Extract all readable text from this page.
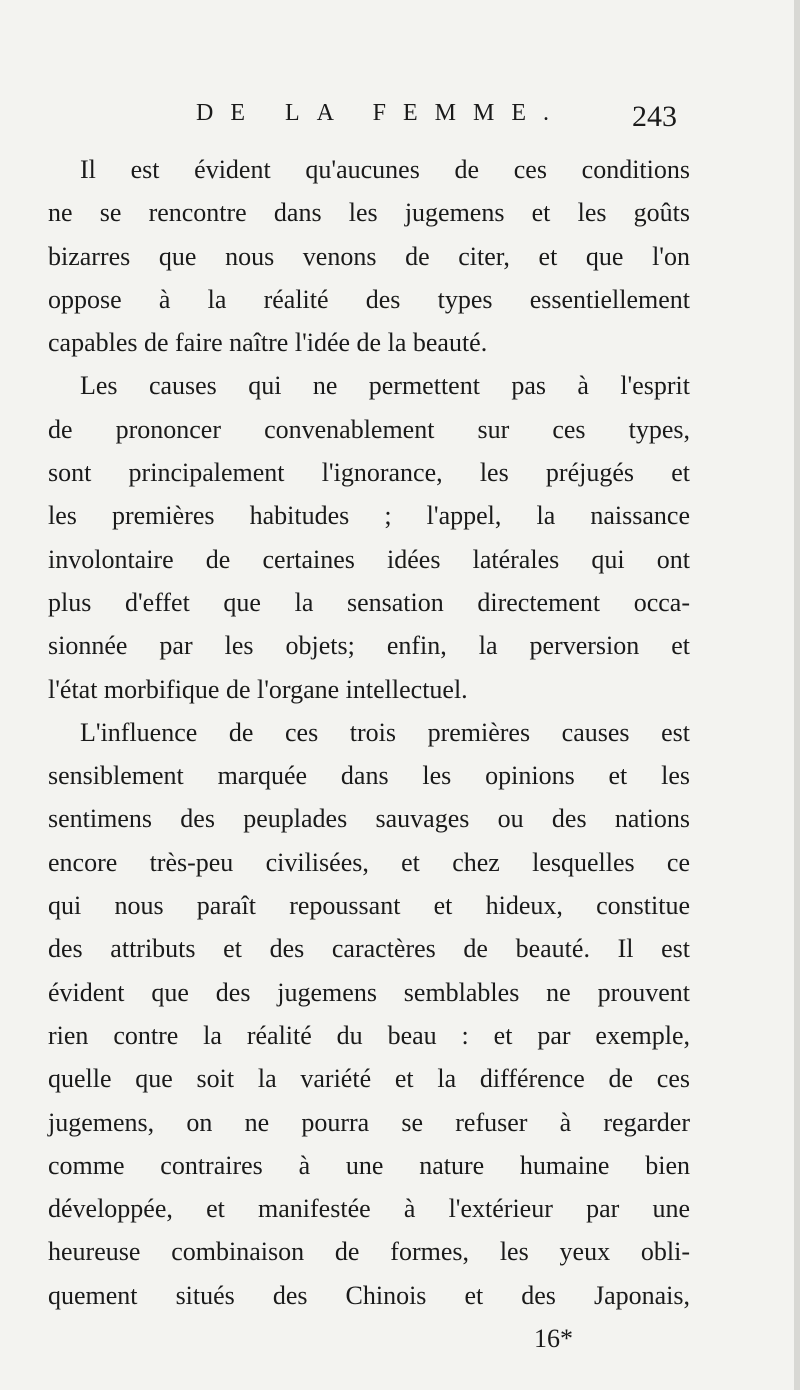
DE LA FEMME. 243
Il est évident qu'aucunes de ces conditions
ne se rencontre dans les jugemens et les goûts
bizarres que nous venons de citer, et que l'on
oppose à la réalité des types essentiellement
capables de faire naître l'idée de la beauté.
Les causes qui ne permettent pas à l'esprit
de prononcer convenablement sur ces types,
sont principalement l'ignorance, les préjugés et
les premières habitudes ; l'appel, la naissance
involontaire de certaines idées latérales qui ont
plus d'effet que la sensation directement occa-
sionnée par les objets; enfin, la perversion et
l'état morbifique de l'organe intellectuel.
L'influence de ces trois premières causes est
sensiblement marquée dans les opinions et les
sentimens des peuplades sauvages ou des nations
encore très-peu civilisées, et chez lesquelles ce
qui nous paraît repoussant et hideux, constitue
des attributs et des caractères de beauté. Il est
évident que des jugemens semblables ne prouvent
rien contre la réalité du beau : et par exemple,
quelle que soit la variété et la différence de ces
jugemens, on ne pourra se refuser à regarder
comme contraires à une nature humaine bien
développée, et manifestée à l'extérieur par une
heureuse combinaison de formes, les yeux obli-
quement situés des Chinois et des Japonais,
16*
